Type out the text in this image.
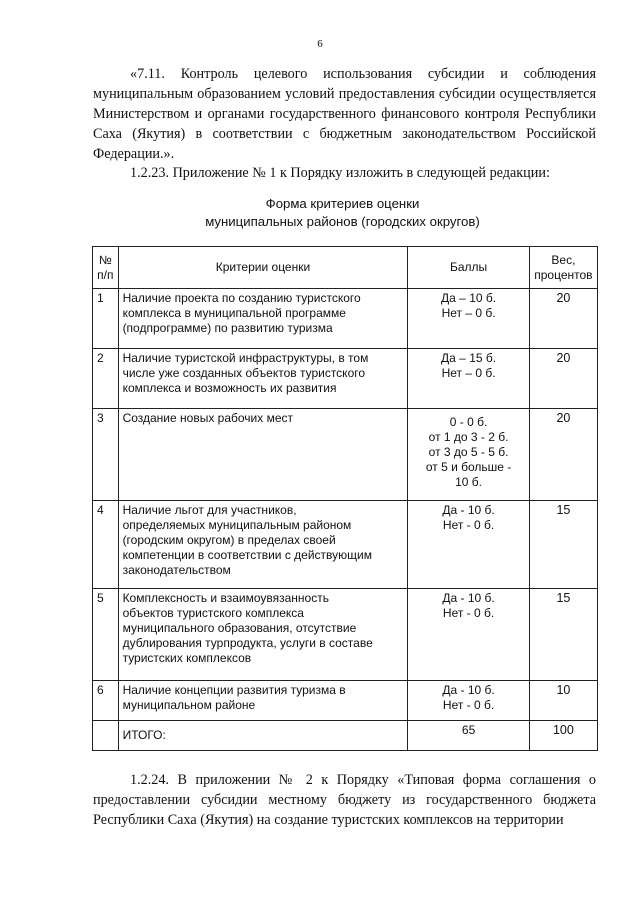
6

«7.11. Контроль целевого использования субсидии и соблюдения муниципальным образованием условий предоставления субсидии осуществляется Министерством и органами государственного финансового контроля Республики Саха (Якутия) в соответствии с бюджетным законодательством Российской Федерации.».

1.2.23. Приложение № 1 к Порядку изложить в следующей редакции:

Форма критериев оценки
муниципальных районов (городских округов)
№
п/п	Критерии оценки	Баллы	Вес,
процентов

1	Наличие проекта по созданию туристского
комплекса в муниципальной программе
(подпрограмме) по развитию туризма	Да – 10 б.
Нет – 0 б.	20
2	Наличие туристской инфраструктуры, в том
числе уже созданных объектов туристского
комплекса и возможность их развития	Да – 15 б.
Нет – 0 б.	20
3	Создание новых рабочих мест	0 - 0 б.
от 1 до 3 - 2 б.
от 3 до 5 - 5 б.
от 5 и больше -
10 б.	20
4	Наличие льгот для участников,
определяемых муниципальным районом
(городским округом) в пределах своей
компетенции в соответствии с действующим
законодательством	Да - 10 б.
Нет - 0 б.	15
5	Комплексность и взаимоувязанность
объектов туристского комплекса
муниципального образования, отсутствие
дублирования турпродукта, услуги в составе
туристских комплексов	Да - 10 б.
Нет - 0 б.	15
6	Наличие концепции развития туризма в
муниципальном районе	Да - 10 б.
Нет - 0 б.	10
	ИТОГО:	65	100

1.2.24. В приложении № 2 к Порядку «Типовая форма соглашения о предоставлении субсидии местному бюджету из государственного бюджета Республики Саха (Якутия) на создание туристских комплексов на территории
